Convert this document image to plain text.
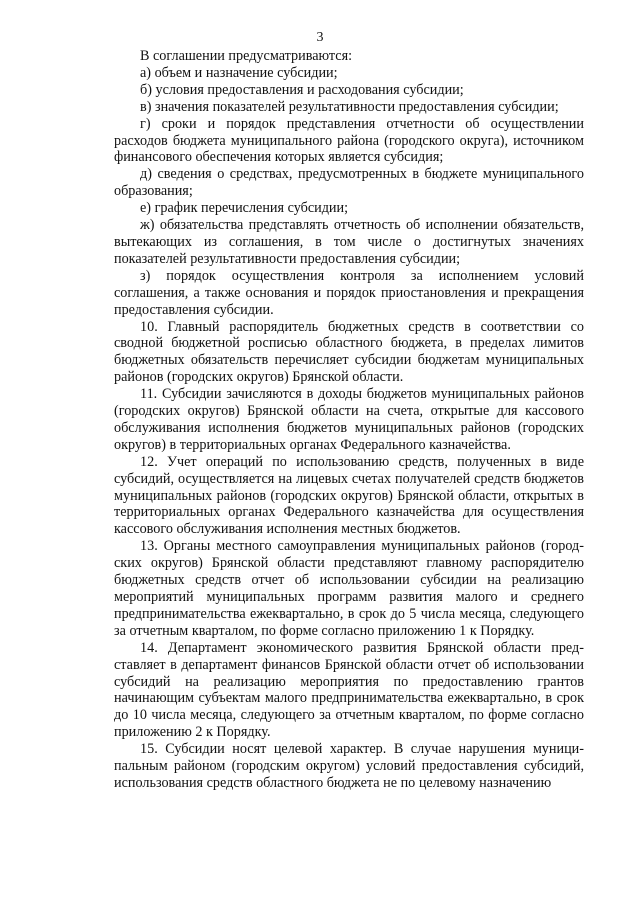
3

В соглашении предусматриваются:

а) объем и назначение субсидии;

б) условия предоставления и расходования субсидии;

в) значения показателей результативности предоставления субсидии;

г) сроки и порядок представления отчетности об осуществлении расходов бюджета муниципального района (городского округа), источником финансового обеспечения которых является субсидия;

д) сведения о средствах, предусмотренных в бюджете муниципального образования;

е) график перечисления субсидии;

ж) обязательства представлять отчетность об исполнении обязательств, вытекающих из соглашения, в том числе о достигнутых значениях показателей результативности предоставления субсидии;

з) порядок осуществления контроля за исполнением условий соглашения, а также основания и порядок приостановления и прекращения предоставления субсидии.

10. Главный распорядитель бюджетных средств в соответствии со сводной бюджетной росписью областного бюджета, в пределах лимитов бюджетных обязательств перечисляет субсидии бюджетам муниципальных районов (городских округов) Брянской области.

11. Субсидии зачисляются в доходы бюджетов муниципальных районов (городских округов) Брянской области на счета, открытые для кассового обслуживания исполнения бюджетов муниципальных районов (городских округов) в территориальных органах Федерального казначейства.

12. Учет операций по использованию средств, полученных в виде субсидий, осуществляется на лицевых счетах получателей средств бюджетов муниципальных районов (городских округов) Брянской области, открытых в территориальных органах Федерального казначейства для осуществления кассового обслуживания исполнения местных бюджетов.

13. Органы местного самоуправления муниципальных районов (городских округов) Брянской области представляют главному распорядителю бюджетных средств отчет об использовании субсидии на реализацию мероприятий муниципальных программ развития малого и среднего предпринимательства ежеквартально, в срок до 5 числа месяца, следующего за отчетным кварталом, по форме согласно приложению 1 к Порядку.

14. Департамент экономического развития Брянской области представляет в департамент финансов Брянской области отчет об использовании субсидий на реализацию мероприятия по предоставлению грантов начинающим субъектам малого предпринимательства ежеквартально, в срок до 10 числа месяца, следующего за отчетным кварталом, по форме согласно приложению 2 к Порядку.

15. Субсидии носят целевой характер. В случае нарушения муниципальным районом (городским округом) условий предоставления субсидий, использования средств областного бюджета не по целевому назначению
